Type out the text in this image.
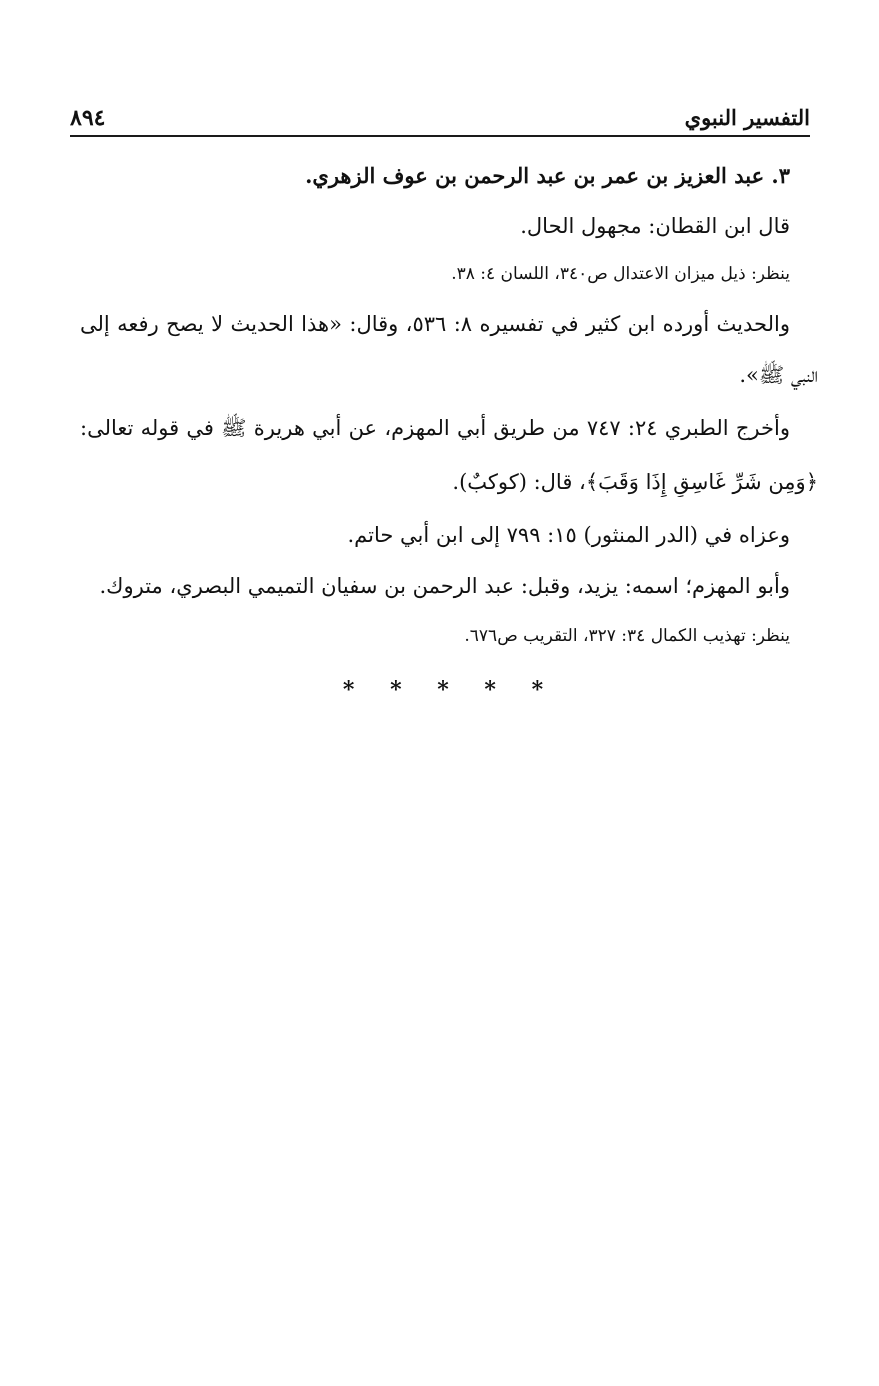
التفسير النبوي
٨٩٤
٣. عبد العزيز بن عمر بن عبد الرحمن بن عوف الزهري.
قال ابن القطان: مجهول الحال.
ينظر: ذيل ميزان الاعتدال ص٣٤٠، اللسان ٤: ٣٨.
والحديث أورده ابن كثير في تفسيره ٨: ٥٣٦، وقال: «هذا الحديث لا يصح رفعه إلى
النبي ﷺ».
وأخرج الطبري ٢٤: ٧٤٧ من طريق أبي المهزم، عن أبي هريرة ﷺ في قوله تعالى:
﴿وَمِن شَرِّ غَاسِقٍ إِذَا وَقَبَ﴾، قال: (كوكبٌ).
وعزاه في (الدر المنثور) ١٥: ٧٩٩ إلى ابن أبي حاتم.
وأبو المهزم؛ اسمه: يزيد، وقبل: عبد الرحمن بن سفيان التميمي البصري، متروك.
ينظر: تهذيب الكمال ٣٤: ٣٢٧، التقريب ص٦٧٦.
* * * * *
